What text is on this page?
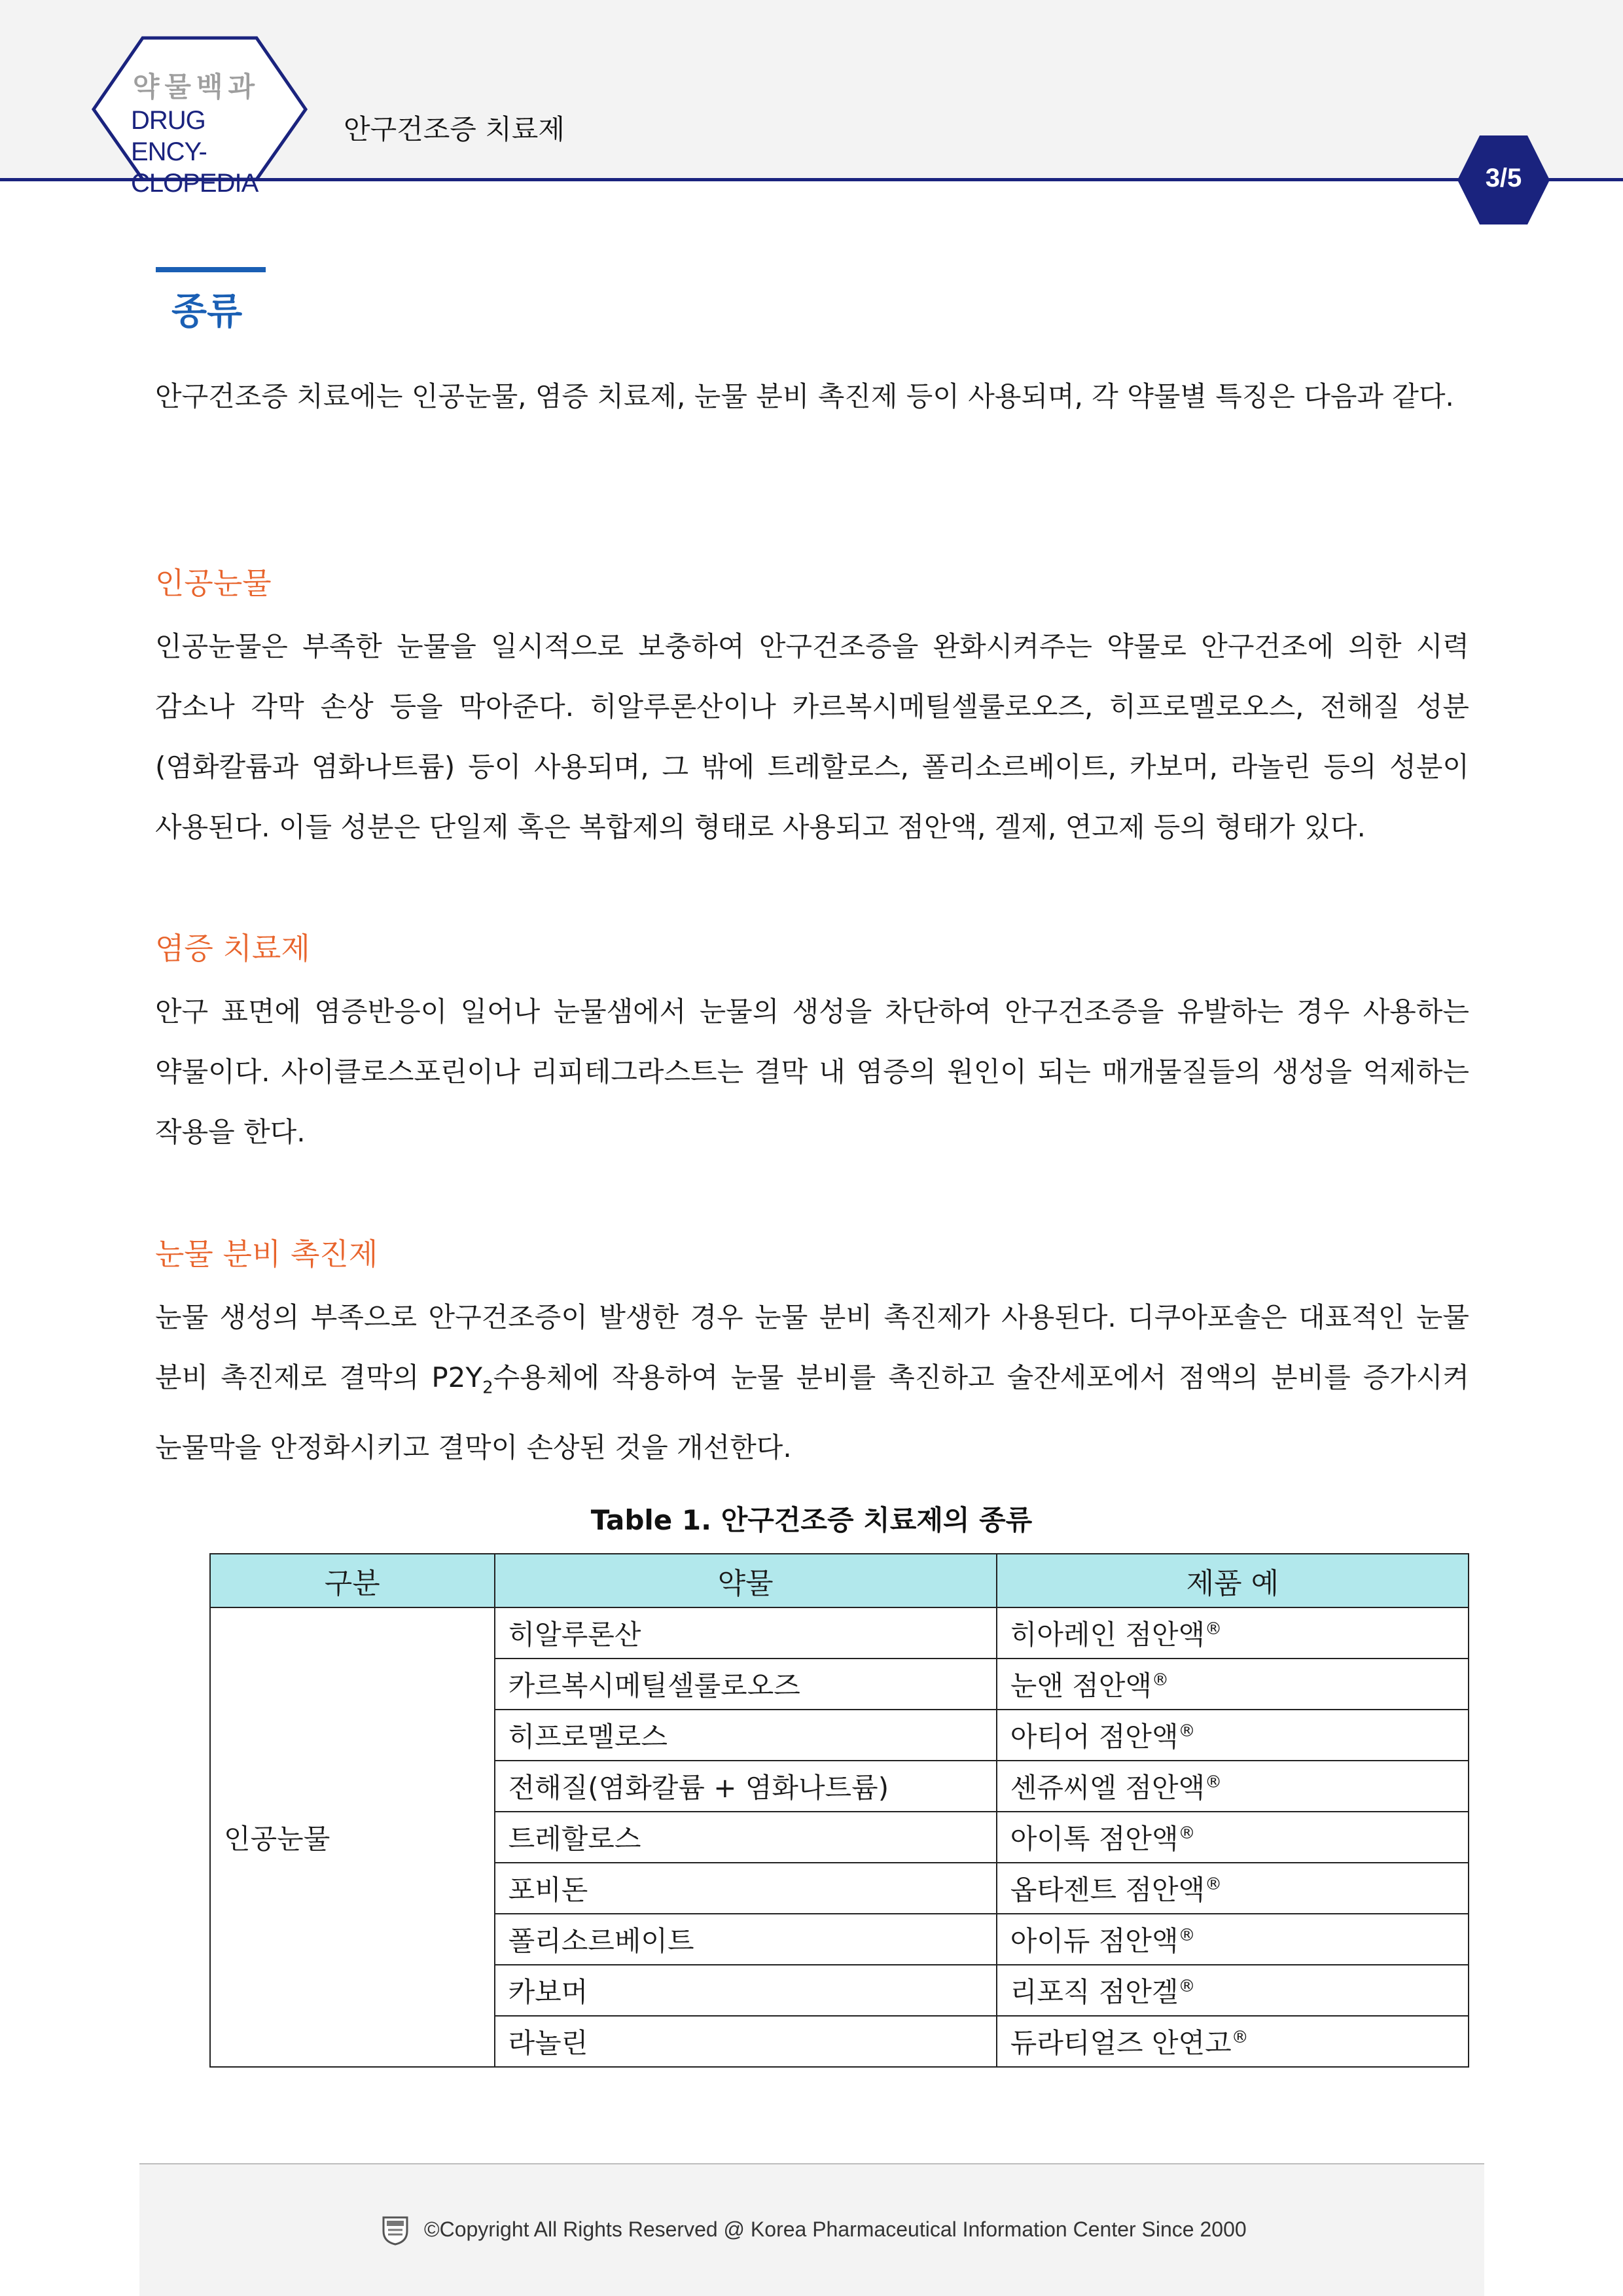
약물백과
DRUG ENCY-
CLOPEDIA
안구건조증 치료제
3/5
종류
안구건조증 치료에는 인공눈물, 염증 치료제, 눈물 분비 촉진제 등이 사용되며, 각 약물별 특징은 다음과 같다.
인공눈물
인공눈물은 부족한 눈물을 일시적으로 보충하여 안구건조증을 완화시켜주는 약물로 안구건조에 의한 시력 감소나 각막 손상 등을 막아준다. 히알루론산이나 카르복시메틸셀룰로오즈, 히프로멜로오스, 전해질 성분(염화칼륨과 염화나트륨) 등이 사용되며, 그 밖에 트레할로스, 폴리소르베이트, 카보머, 라놀린 등의 성분이 사용된다. 이들 성분은 단일제 혹은 복합제의 형태로 사용되고 점안액, 겔제, 연고제 등의 형태가 있다.
염증 치료제
안구 표면에 염증반응이 일어나 눈물샘에서 눈물의 생성을 차단하여 안구건조증을 유발하는 경우 사용하는 약물이다. 사이클로스포린이나 리피테그라스트는 결막 내 염증의 원인이 되는 매개물질들의 생성을 억제하는 작용을 한다.
눈물 분비 촉진제
눈물 생성의 부족으로 안구건조증이 발생한 경우 눈물 분비 촉진제가 사용된다. 디쿠아포솔은 대표적인 눈물 분비 촉진제로 결막의 $P2Y_2$수용체에 작용하여 눈물 분비를 촉진하고 술잔세포에서 점액의 분비를 증가시켜 눈물막을 안정화시키고 결막이 손상된 것을 개선한다.
Table 1. 안구건조증 치료제의 종류
구분	약물	제품 예
인공눈물	히알루론산	히아레인 점안액®
	카르복시메틸셀룰로오즈	눈앤 점안액®
	히프로멜로스	아티어 점안액®
	전해질(염화칼륨 + 염화나트륨)	센쥬씨엘 점안액®
	트레할로스	아이톡 점안액®
	포비돈	옵타젠트 점안액®
	폴리소르베이트	아이듀 점안액®
	카보머	리포직 점안겔®
	라놀린	듀라티얼즈 안연고®
©Copyright All Rights Reserved @ Korea Pharmaceutical Information Center Since 2000
